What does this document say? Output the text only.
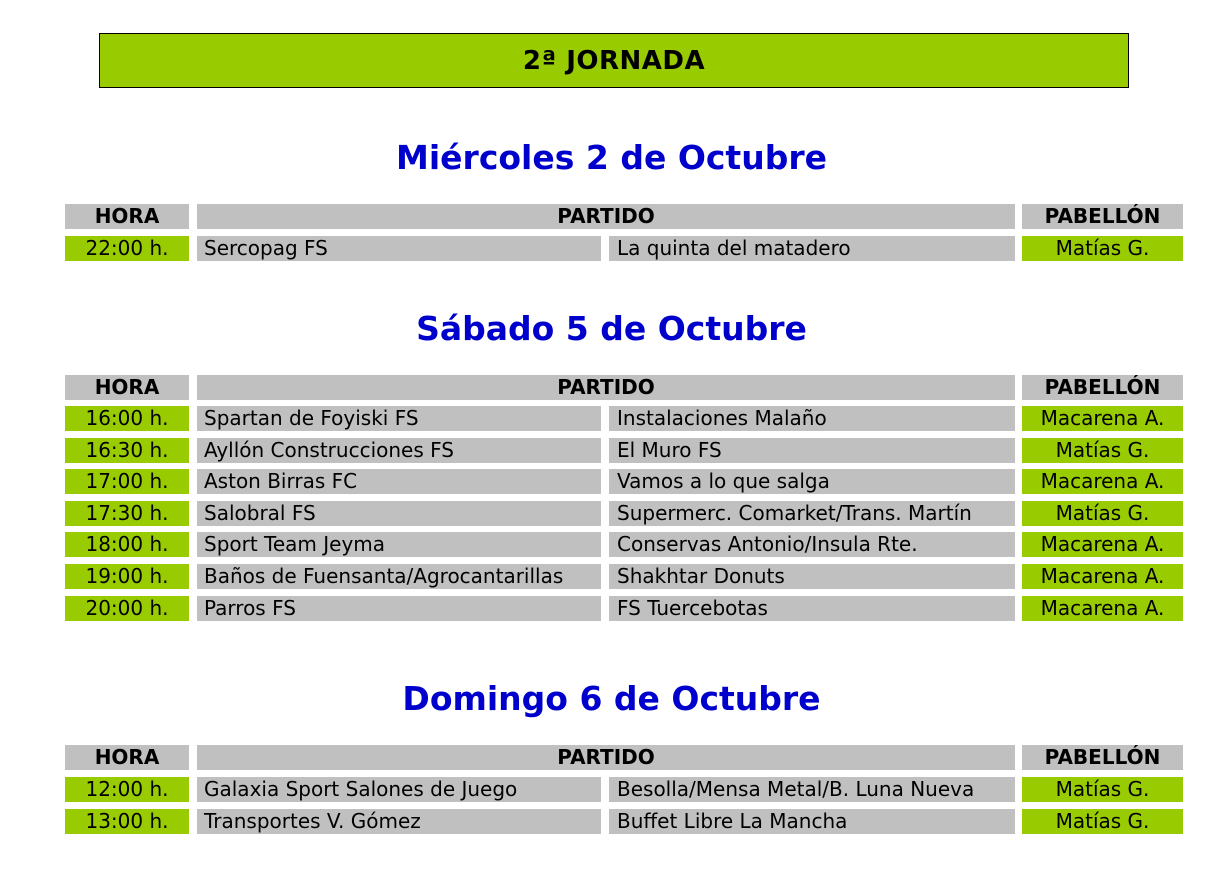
2ª JORNADA
Miércoles 2 de Octubre
HORA	PARTIDO	PABELLÓN
22:00 h.	Sercopag FS	La quinta del matadero	Matías G.
Sábado 5 de Octubre
HORA	PARTIDO	PABELLÓN
16:00 h.	Spartan de Foyiski FS	Instalaciones Malaño	Macarena A.
16:30 h.	Ayllón Construcciones FS	El Muro FS	Matías G.
17:00 h.	Aston Birras FC	Vamos a lo que salga	Macarena A.
17:30 h.	Salobral FS	Supermerc. Comarket/Trans. Martín	Matías G.
18:00 h.	Sport Team Jeyma	Conservas Antonio/Insula Rte.	Macarena A.
19:00 h.	Baños de Fuensanta/Agrocantarillas	Shakhtar Donuts	Macarena A.
20:00 h.	Parros FS	FS Tuercebotas	Macarena A.
Domingo 6 de Octubre
HORA	PARTIDO	PABELLÓN
12:00 h.	Galaxia Sport Salones de Juego	Besolla/Mensa Metal/B. Luna Nueva	Matías G.
13:00 h.	Transportes V. Gómez	Buffet Libre La Mancha	Matías G.
